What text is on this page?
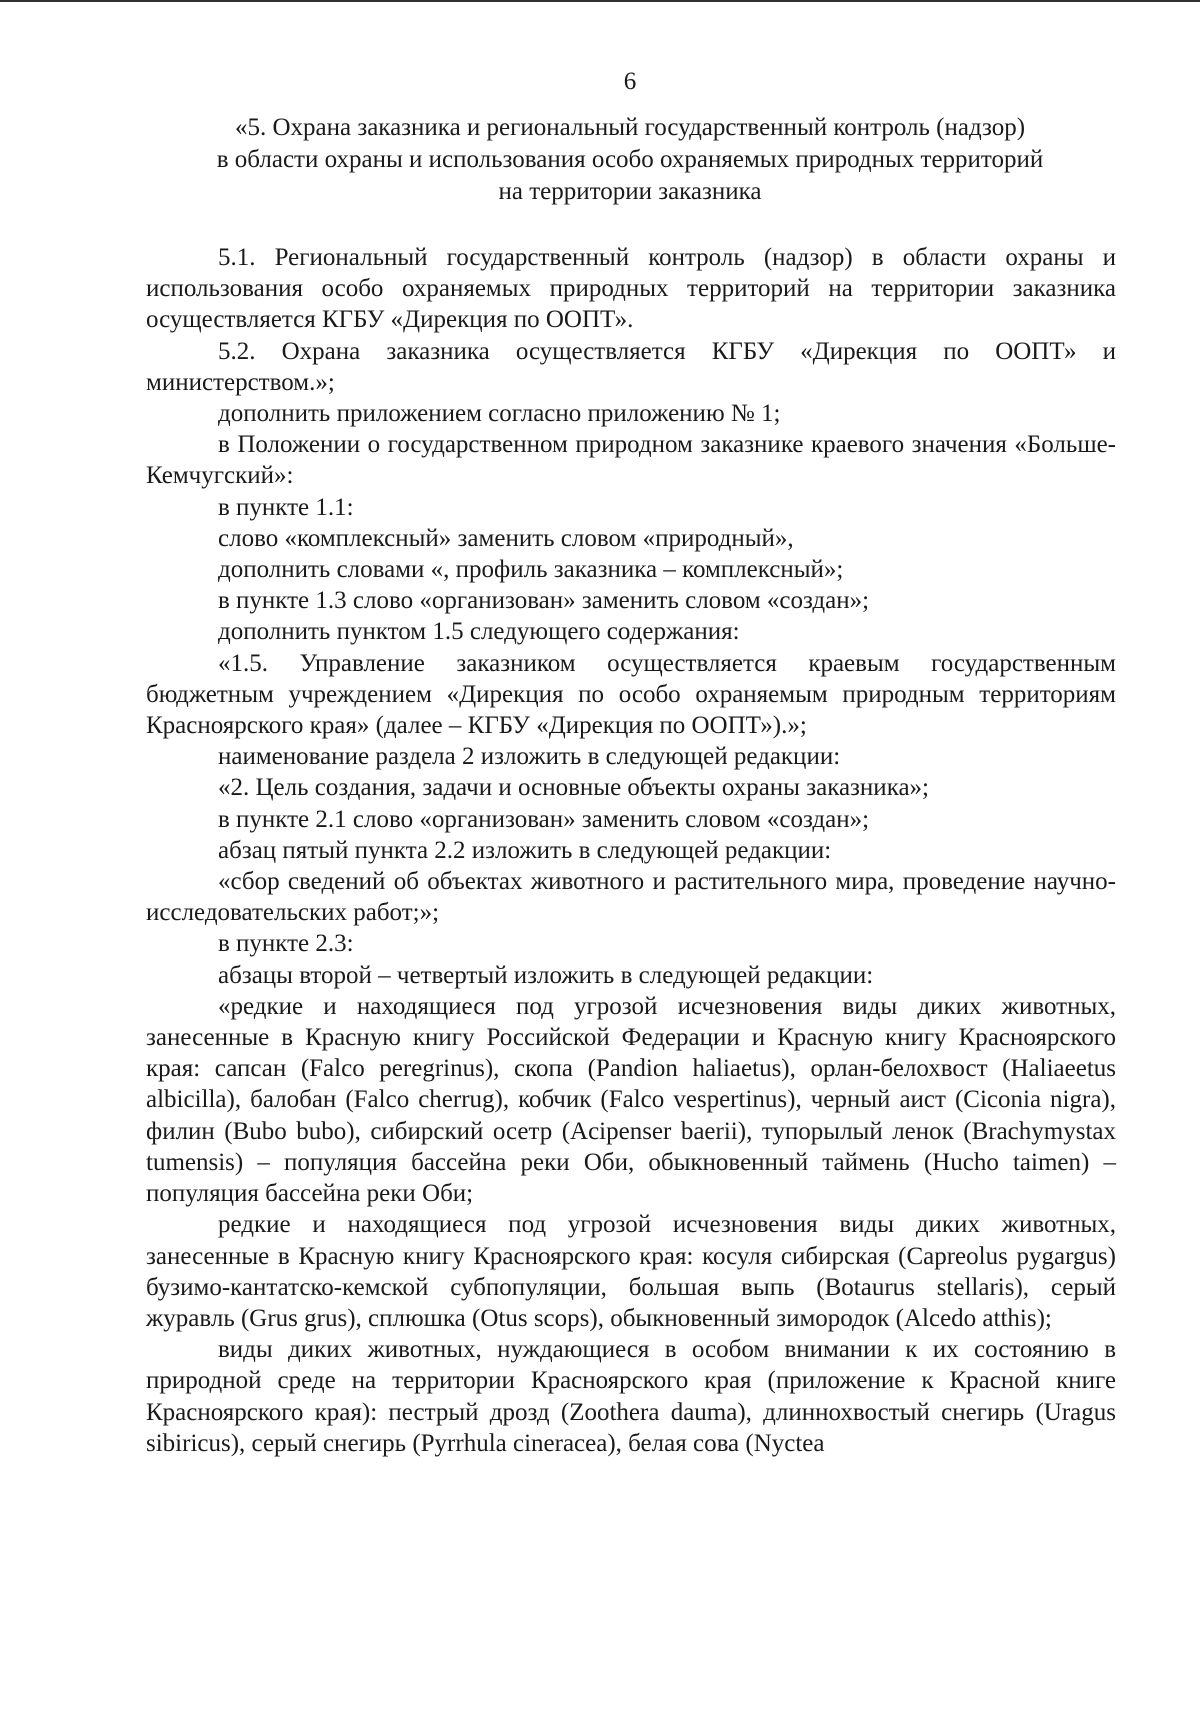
6
«5. Охрана заказника и региональный государственный контроль (надзор)
в области охраны и использования особо охраняемых природных территорий
на территории заказника

5.1. Региональный государственный контроль (надзор) в области охраны и использования особо охраняемых природных территорий на территории заказника осуществляется КГБУ «Дирекция по ООПТ».

5.2. Охрана заказника осуществляется КГБУ «Дирекция по ООПТ» и министерством.»;

дополнить приложением согласно приложению № 1;

в Положении о государственном природном заказнике краевого значения «Больше-Кемчугский»:

в пункте 1.1:

слово «комплексный» заменить словом «природный»,

дополнить словами «, профиль заказника – комплексный»;

в пункте 1.3 слово «организован» заменить словом «создан»;

дополнить пунктом 1.5 следующего содержания:

«1.5. Управление заказником осуществляется краевым государственным бюджетным учреждением «Дирекция по особо охраняемым природным территориям Красноярского края» (далее – КГБУ «Дирекция по ООПТ»).»;

наименование раздела 2 изложить в следующей редакции:

«2. Цель создания, задачи и основные объекты охраны заказника»;

в пункте 2.1 слово «организован» заменить словом «создан»;

абзац пятый пункта 2.2 изложить в следующей редакции:

«сбор сведений об объектах животного и растительного мира, проведение научно-исследовательских работ;»;

в пункте 2.3:

абзацы второй – четвертый изложить в следующей редакции:

«редкие и находящиеся под угрозой исчезновения виды диких животных, занесенные в Красную книгу Российской Федерации и Красную книгу Красноярского края: сапсан (Falco peregrinus), скопа (Pandion haliaetus), орлан-белохвост (Haliaeetus albicilla), балобан (Falco cherrug), кобчик (Falco vespertinus), черный аист (Ciconia nigra), филин (Bubo bubo), сибирский осетр (Acipenser baerii), тупорылый ленок (Brachymystax tumensis) – популяция бассейна реки Оби, обыкновенный таймень (Hucho taimen) – популяция бассейна реки Оби;

редкие и находящиеся под угрозой исчезновения виды диких животных, занесенные в Красную книгу Красноярского края: косуля сибирская (Capreolus pygargus) бузимо-кантатско-кемской субпопуляции, большая выпь (Botaurus stellaris), серый журавль (Grus grus), сплюшка (Otus scops), обыкновенный зимородок (Alcedo atthis);

виды диких животных, нуждающиеся в особом внимании к их состоянию в природной среде на территории Красноярского края (приложение к Красной книге Красноярского края): пестрый дрозд (Zoothera dauma), длиннохвостый снегирь (Uragus sibiricus), серый снегирь (Pyrrhula cineracea), белая сова (Nyctea
